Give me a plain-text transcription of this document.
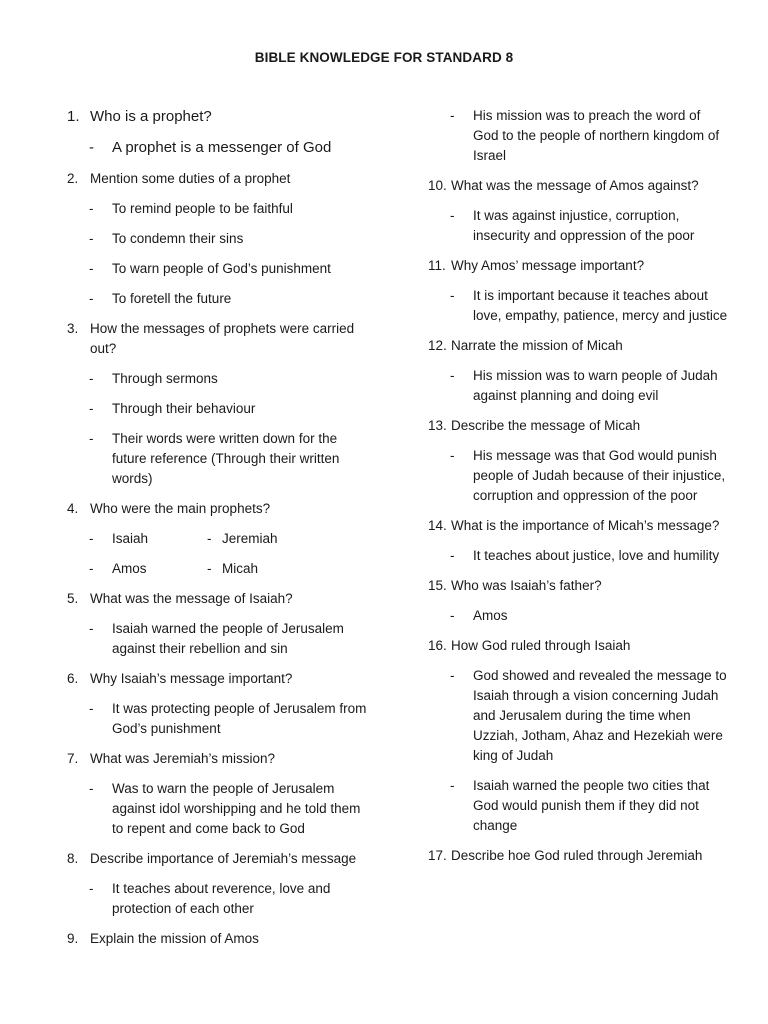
BIBLE KNOWLEDGE FOR STANDARD 8
1. Who is a prophet?
- A prophet is a messenger of God
2. Mention some duties of a prophet
- To remind people to be faithful
- To condemn their sins
- To warn people of God’s punishment
- To foretell the future
3. How the messages of prophets were carried out?
- Through sermons
- Through their behaviour
- Their words were written down for the future reference (Through their written words)
4. Who were the main prophets?
- Isaiah	- Jeremiah
- Amos	- Micah
5. What was the message of Isaiah?
- Isaiah warned the people of Jerusalem against their rebellion and sin
6. Why Isaiah’s message important?
- It was protecting people of Jerusalem from God’s punishment
7. What was Jeremiah’s mission?
- Was to warn the people of Jerusalem against idol worshipping and he told them to repent and come back to God
8. Describe importance of Jeremiah’s message
- It teaches about reverence, love and protection of each other
9. Explain the mission of Amos
- His mission was to preach the word of God to the people of northern kingdom of Israel
10. What was the message of Amos against?
- It was against injustice, corruption, insecurity and oppression of the poor
11. Why Amos’ message important?
- It is important because it teaches about love, empathy, patience, mercy and justice
12. Narrate the mission of Micah
- His mission was to warn people of Judah against planning and doing evil
13. Describe the message of Micah
- His message was that God would punish people of Judah because of their injustice, corruption and oppression of the poor
14. What is the importance of Micah’s message?
- It teaches about justice, love and humility
15. Who was Isaiah’s father?
- Amos
16. How God ruled through Isaiah
- God showed and revealed the message to Isaiah through a vision concerning Judah and Jerusalem during the time when Uzziah, Jotham, Ahaz and Hezekiah were king of Judah
- Isaiah warned the people two cities that God would punish them if they did not change
17. Describe hoe God ruled through Jeremiah
